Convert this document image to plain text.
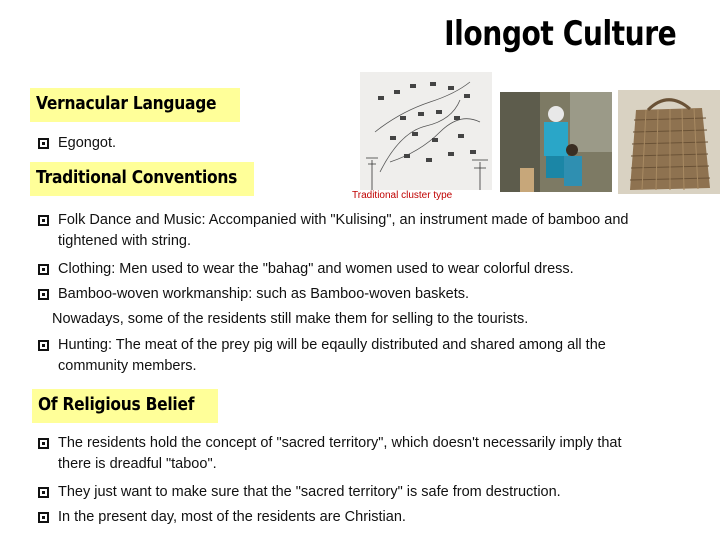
Ilongot Culture
Vernacular Language
Egongot.
Traditional Conventions
Traditional cluster type
Folk Dance and Music: Accompanied with "Kulising", an instrument made of bamboo and tightened with string.
Clothing: Men used to wear the "bahag" and women used to wear colorful dress.
Bamboo-woven workmanship: such as Bamboo-woven baskets.
Nowadays, some of the residents still make them for selling to the tourists.
Hunting: The meat of the prey pig will be eqaully distributed and shared among all the community members.
Of Religious Belief
The residents hold the concept of "sacred territory", which doesn't necessarily imply that there is dreadful "taboo".
They just want to make sure that the "sacred territory" is safe from destruction.
In the present day, most of the residents are Christian.
